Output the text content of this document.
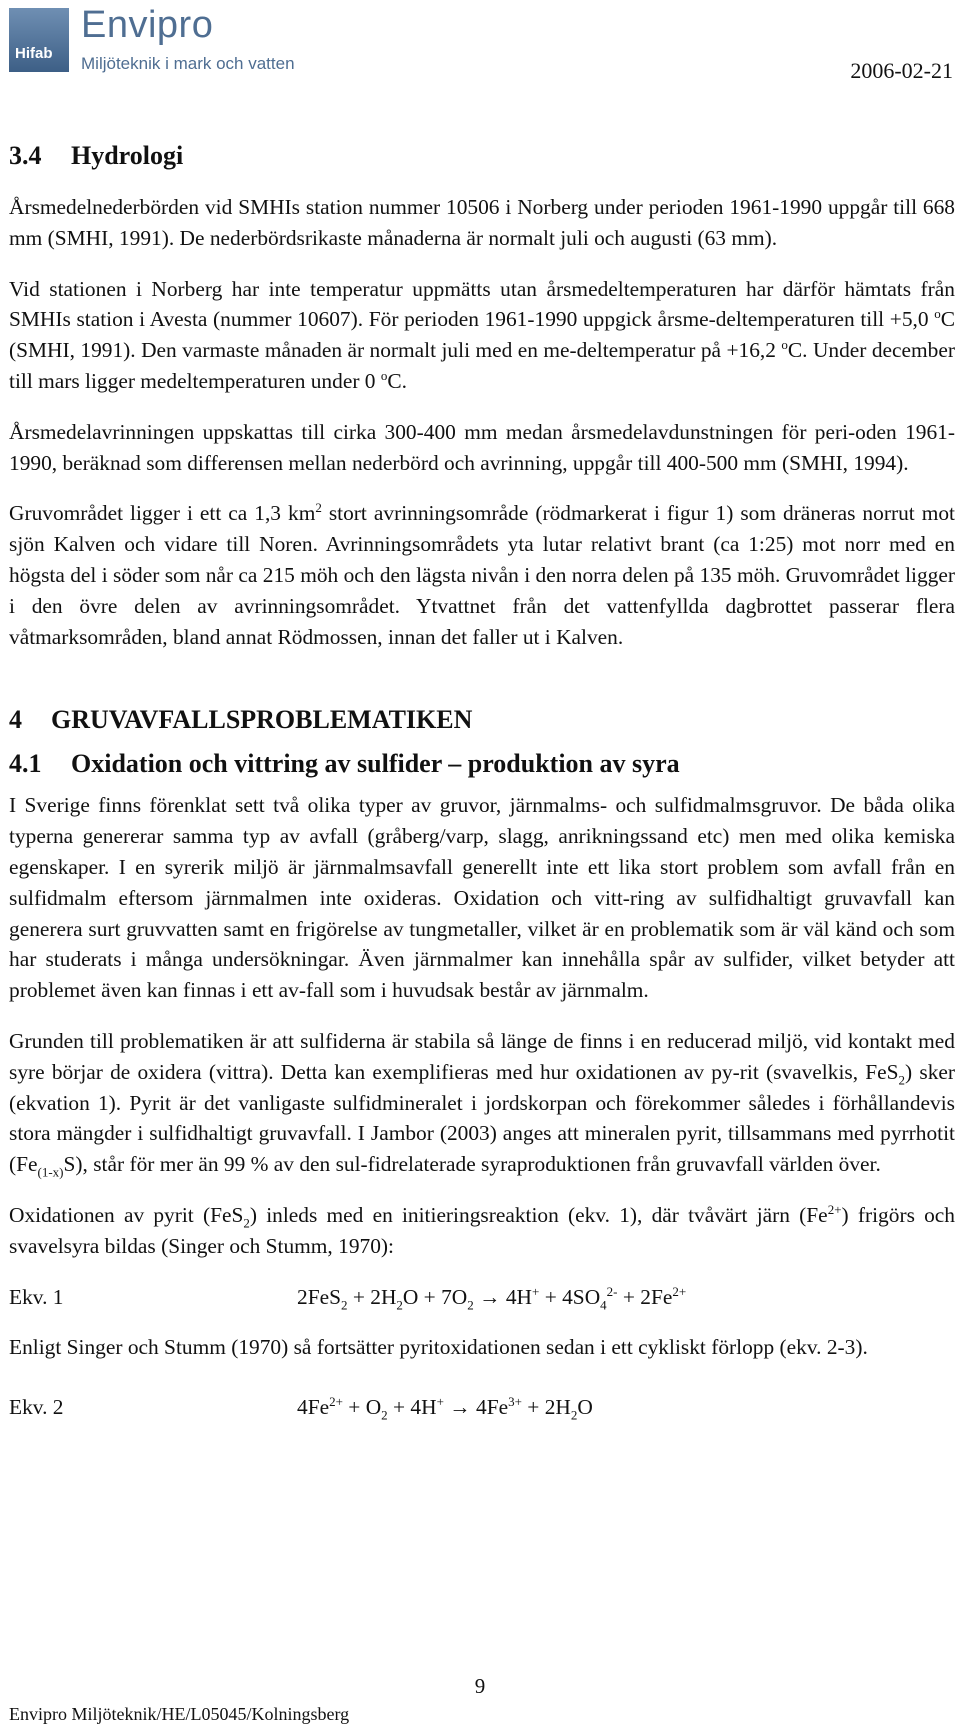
Hifab
Envipro
Miljöteknik i mark och vatten	2006-02-21
3.4 Hydrologi

Årsmedelnederbörden vid SMHIs station nummer 10506 i Norberg under perioden 1961-1990 uppgår till 668 mm (SMHI, 1991). De nederbördsrikaste månaderna är normalt juli och augusti (63 mm).

Vid stationen i Norberg har inte temperatur uppmätts utan årsmedeltemperaturen har därför hämtats från SMHIs station i Avesta (nummer 10607). För perioden 1961-1990 uppgick årsme-deltemperaturen till +5,0 $^o$C (SMHI, 1991). Den varmaste månaden är normalt juli med en me-deltemperatur på +16,2 $^o$C. Under december till mars ligger medeltemperaturen under 0 $^o$C.

Årsmedelavrinningen uppskattas till cirka 300-400 mm medan årsmedelavdunstningen för peri-oden 1961-1990, beräknad som differensen mellan nederbörd och avrinning, uppgår till 400-500 mm (SMHI, 1994).

Gruvområdet ligger i ett ca 1,3 $km^2$ stort avrinningsområde (rödmarkerat i figur 1) som dräneras norrut mot sjön Kalven och vidare till Noren. Avrinningsområdets yta lutar relativt brant (ca 1:25) mot norr med en högsta del i söder som når ca 215 möh och den lägsta nivån i den norra delen på 135 möh. Gruvområdet ligger i den övre delen av avrinningsområdet. Ytvattnet från det vattenfyllda dagbrottet passerar flera våtmarksområden, bland annat Rödmossen, innan det faller ut i Kalven.

4 GRUVAVFALLSPROBLEMATIKEN
4.1 Oxidation och vittring av sulfider – produktion av syra

I Sverige finns förenklat sett två olika typer av gruvor, järnmalms- och sulfidmalmsgruvor. De båda olika typerna genererar samma typ av avfall (gråberg/varp, slagg, anrikningssand etc) men med olika kemiska egenskaper. I en syrerik miljö är järnmalmsavfall generellt inte ett lika stort problem som avfall från en sulfidmalm eftersom järnmalmen inte oxideras. Oxidation och vitt-ring av sulfidhaltigt gruvavfall kan generera surt gruvvatten samt en frigörelse av tungmetaller, vilket är en problematik som är väl känd och som har studerats i många undersökningar. Även järnmalmer kan innehålla spår av sulfider, vilket betyder att problemet även kan finnas i ett av-fall som i huvudsak består av järnmalm.

Grunden till problematiken är att sulfiderna är stabila så länge de finns i en reducerad miljö, vid kontakt med syre börjar de oxidera (vittra). Detta kan exemplifieras med hur oxidationen av py-rit (svavelkis, FeS$_2$) sker (ekvation 1). Pyrit är det vanligaste sulfidmineralet i jordskorpan och förekommer således i förhållandevis stora mängder i sulfidhaltigt gruvavfall. I Jambor (2003) anges att mineralen pyrit, tillsammans med pyrrhotit $(Fe_{(1-x)}S)$, står för mer än 99 % av den sul-fidrelaterade syraproduktionen från gruvavfall världen över.

Oxidationen av pyrit (FeS$_2$) inleds med en initieringsreaktion (ekv. 1), där tvåvärt järn $(Fe^{2+})$ frigörs och svavelsyra bildas (Singer och Stumm, 1970):

Ekv. 1	$2FeS_2 + 2H_2O + 7O_2 \to 4H^+ + 4SO_4^{2-} + 2Fe^{2+}$

Enligt Singer och Stumm (1970) så fortsätter pyritoxidationen sedan i ett cykliskt förlopp (ekv. 2-3).

Ekv. 2	$4Fe^{2+} + O_2 + 4H^+ \to 4Fe^{3+} + 2H_2O$
9
Envipro Miljöteknik/HE/L05045/Kolningsberg
